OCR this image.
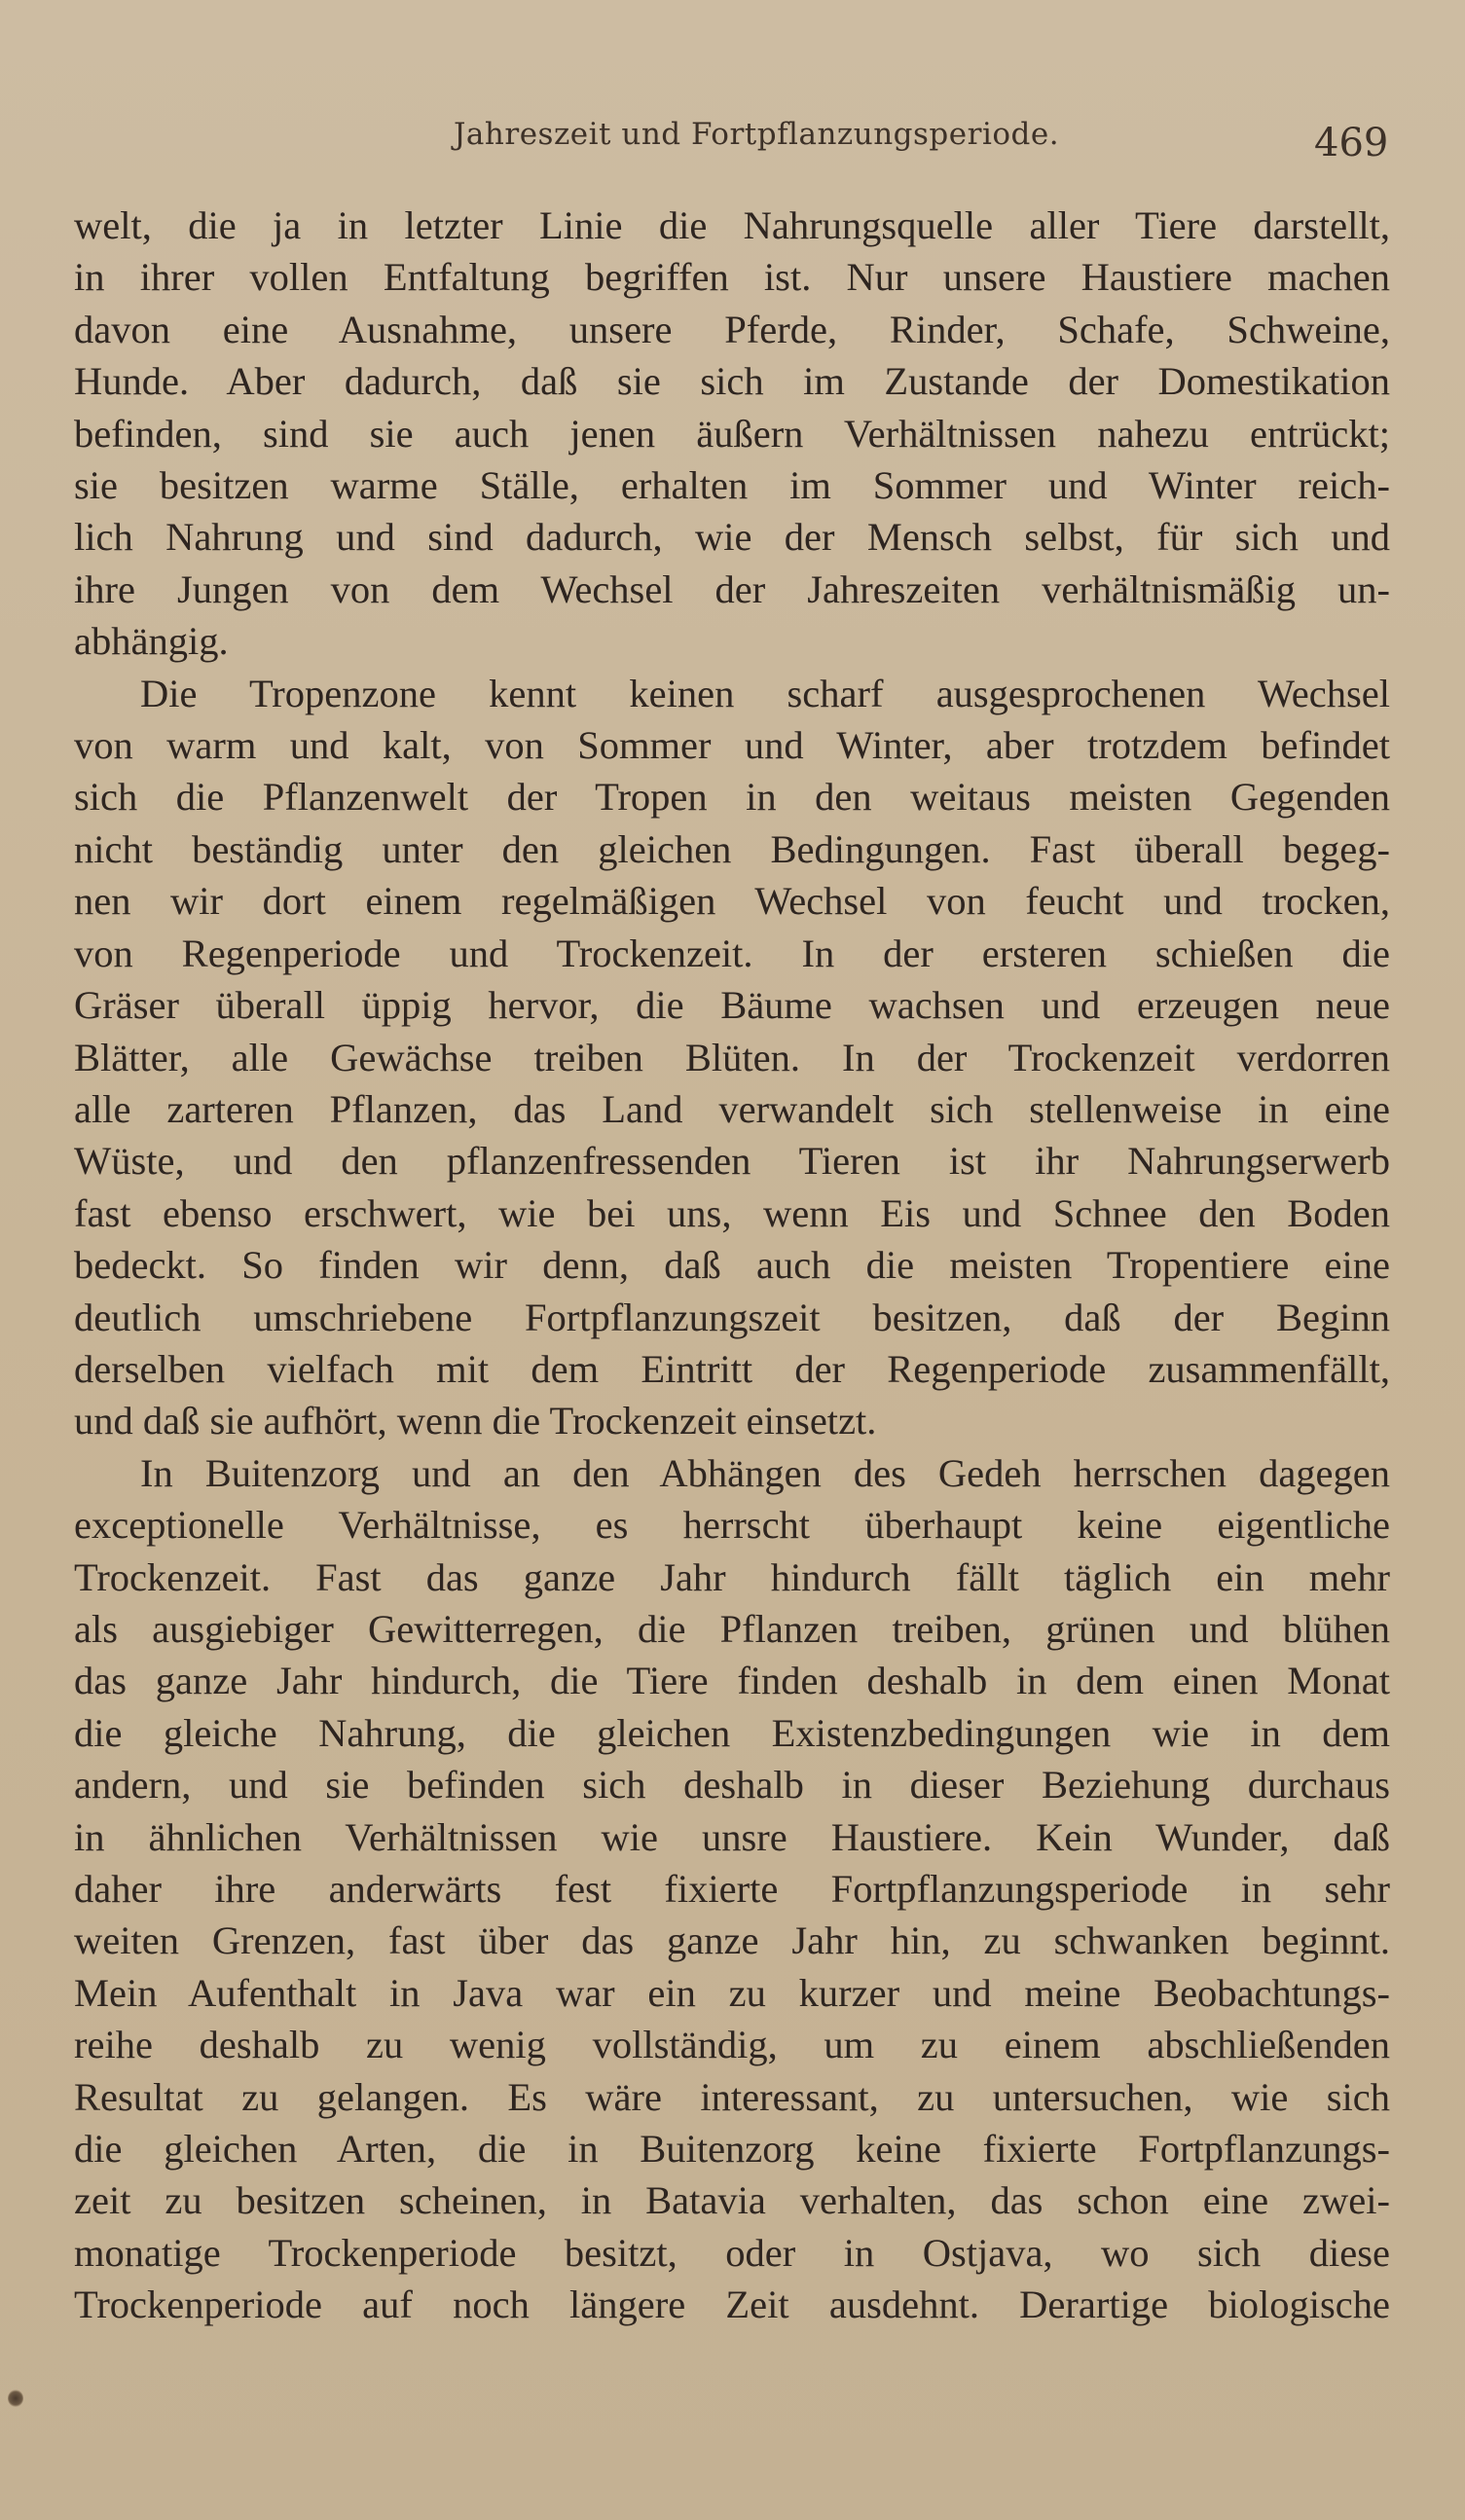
Jahreszeit und Fortpflanzungsperiode.	469

welt, die ja in letzter Linie die Nahrungsquelle aller Tiere darstellt,

in ihrer vollen Entfaltung begriffen ist. Nur unsere Haustiere machen

davon eine Ausnahme, unsere Pferde, Rinder, Schafe, Schweine,

Hunde. Aber dadurch, daß sie sich im Zustande der Domestikation

befinden, sind sie auch jenen äußern Verhältnissen nahezu entrückt;

sie besitzen warme Ställe, erhalten im Sommer und Winter reich-

lich Nahrung und sind dadurch, wie der Mensch selbst, für sich und

ihre Jungen von dem Wechsel der Jahreszeiten verhältnismäßig un-

abhängig.

Die Tropenzone kennt keinen scharf ausgesprochenen Wechsel

von warm und kalt, von Sommer und Winter, aber trotzdem befindet

sich die Pflanzenwelt der Tropen in den weitaus meisten Gegenden

nicht beständig unter den gleichen Bedingungen. Fast überall begeg-

nen wir dort einem regelmäßigen Wechsel von feucht und trocken,

von Regenperiode und Trockenzeit. In der ersteren schießen die

Gräser überall üppig hervor, die Bäume wachsen und erzeugen neue

Blätter, alle Gewächse treiben Blüten. In der Trockenzeit verdorren

alle zarteren Pflanzen, das Land verwandelt sich stellenweise in eine

Wüste, und den pflanzenfressenden Tieren ist ihr Nahrungserwerb

fast ebenso erschwert, wie bei uns, wenn Eis und Schnee den Boden

bedeckt. So finden wir denn, daß auch die meisten Tropentiere eine

deutlich umschriebene Fortpflanzungszeit besitzen, daß der Beginn

derselben vielfach mit dem Eintritt der Regenperiode zusammenfällt,

und daß sie aufhört, wenn die Trockenzeit einsetzt.

In Buitenzorg und an den Abhängen des Gedeh herrschen dagegen

exceptionelle Verhältnisse, es herrscht überhaupt keine eigentliche

Trockenzeit. Fast das ganze Jahr hindurch fällt täglich ein mehr

als ausgiebiger Gewitterregen, die Pflanzen treiben, grünen und blühen

das ganze Jahr hindurch, die Tiere finden deshalb in dem einen Monat

die gleiche Nahrung, die gleichen Existenzbedingungen wie in dem

andern, und sie befinden sich deshalb in dieser Beziehung durchaus

in ähnlichen Verhältnissen wie unsre Haustiere. Kein Wunder, daß

daher ihre anderwärts fest fixierte Fortpflanzungsperiode in sehr

weiten Grenzen, fast über das ganze Jahr hin, zu schwanken beginnt.

Mein Aufenthalt in Java war ein zu kurzer und meine Beobachtungs-

reihe deshalb zu wenig vollständig, um zu einem abschließenden

Resultat zu gelangen. Es wäre interessant, zu untersuchen, wie sich

die gleichen Arten, die in Buitenzorg keine fixierte Fortpflanzungs-

zeit zu besitzen scheinen, in Batavia verhalten, das schon eine zwei-

monatige Trockenperiode besitzt, oder in Ostjava, wo sich diese

Trockenperiode auf noch längere Zeit ausdehnt. Derartige biologische
